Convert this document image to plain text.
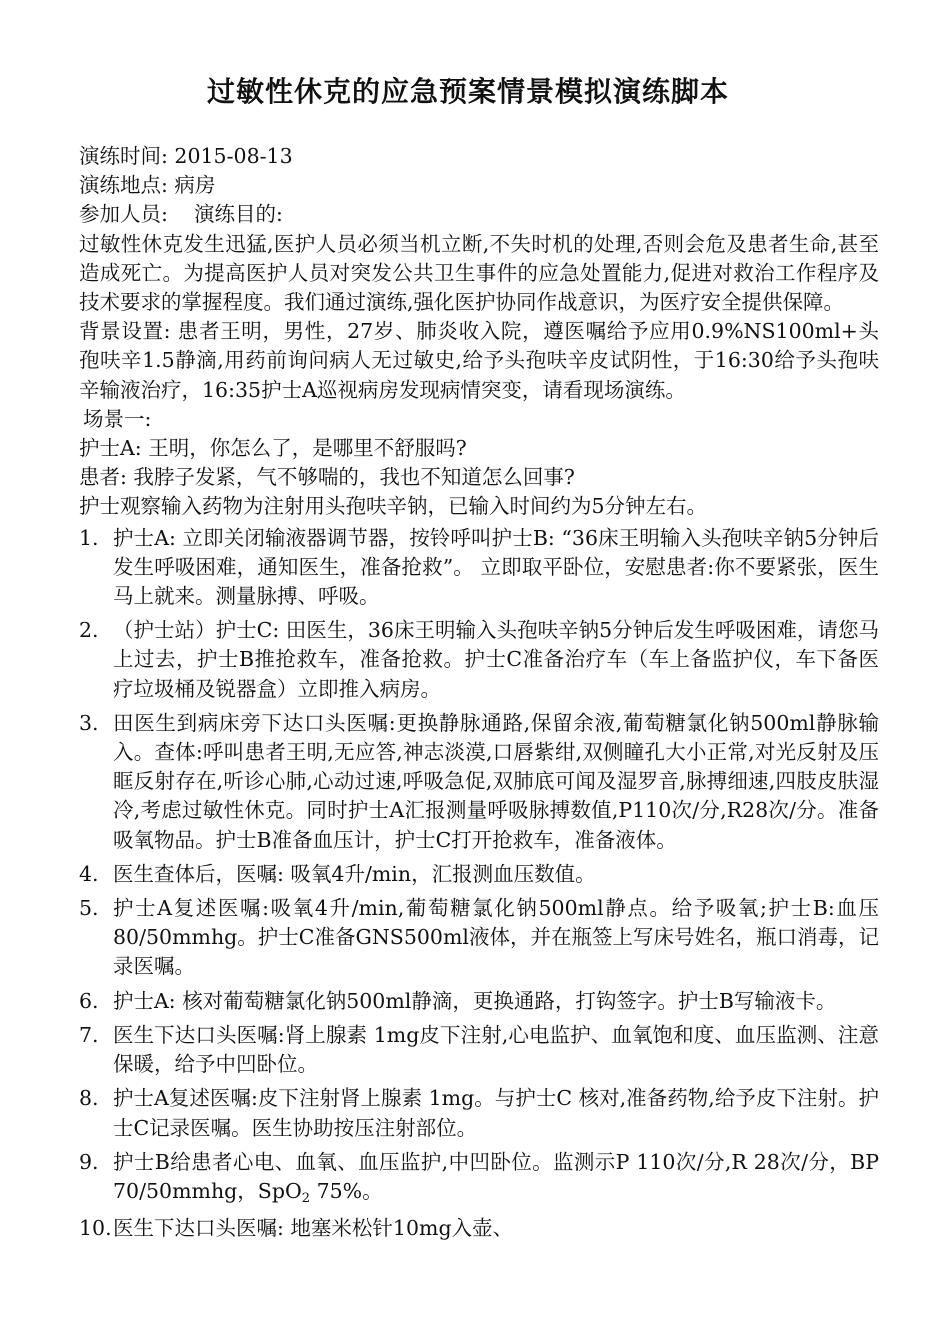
过敏性休克的应急预案情景模拟演练脚本
演练时间: 2015-08-13
演练地点: 病房
参加人员:    演练目的:
过敏性休克发生迅猛,医护人员必须当机立断,不失时机的处理,否则会危及患者生命,甚至造成死亡。为提高医护人员对突发公共卫生事件的应急处置能力,促进对救治工作程序及技术要求的掌握程度。我们通过演练,强化医护协同作战意识，为医疗安全提供保障。
背景设置: 患者王明，男性，27岁、肺炎收入院，遵医嘱给予应用0.9%NS100ml+头孢呋辛1.5静滴,用药前询问病人无过敏史,给予头孢呋辛皮试阴性，于16:30给予头孢呋辛输液治疗，16:35护士A巡视病房发现病情突变，请看现场演练。
场景一:
护士A: 王明，你怎么了，是哪里不舒服吗?
患者: 我脖子发紧，气不够喘的，我也不知道怎么回事?
护士观察输入药物为注射用头孢呋辛钠，已输入时间约为5分钟左右。
1. 护士A: 立即关闭输液器调节器，按铃呼叫护士B: “36床王明输入头孢呋辛钠5分钟后发生呼吸困难，通知医生，准备抢救”。 立即取平卧位，安慰患者:你不要紧张，医生马上就来。测量脉搏、呼吸。
2. （护士站）护士C: 田医生，36床王明输入头孢呋辛钠5分钟后发生呼吸困难，请您马上过去，护士B推抢救车，准备抢救。护士C准备治疗车（车上备监护仪，车下备医疗垃圾桶及锐器盒）立即推入病房。
3. 田医生到病床旁下达口头医嘱:更换静脉通路,保留余液,葡萄糖氯化钠500ml静脉输入。查体:呼叫患者王明,无应答,神志淡漠,口唇紫绀,双侧瞳孔大小正常,对光反射及压眶反射存在,听诊心肺,心动过速,呼吸急促,双肺底可闻及湿罗音,脉搏细速,四肢皮肤湿冷,考虑过敏性休克。同时护士A汇报测量呼吸脉搏数值,P110次/分,R28次/分。准备吸氧物品。护士B准备血压计，护士C打开抢救车，准备液体。
4. 医生查体后，医嘱: 吸氧4升/min，汇报测血压数值。
5. 护士A复述医嘱:吸氧4升/min,葡萄糖氯化钠500ml静点。给予吸氧;护士B:血压80/50mmhg。护士C准备GNS500ml液体，并在瓶签上写床号姓名，瓶口消毒，记录医嘱。
6. 护士A: 核对葡萄糖氯化钠500ml静滴，更换通路，打钩签字。护士B写输液卡。
7. 医生下达口头医嘱:肾上腺素 1mg皮下注射,心电监护、血氧饱和度、血压监测、注意保暖，给予中凹卧位。
8. 护士A复述医嘱:皮下注射肾上腺素 1mg。与护士C 核对,准备药物,给予皮下注射。护士C记录医嘱。医生协助按压注射部位。
9. 护士B给患者心电、血氧、血压监护,中凹卧位。监测示P 110次/分,R 28次/分，BP 70/50mmhg，SpO2 75%。
10. 医生下达口头医嘱: 地塞米松针10mg入壶、
